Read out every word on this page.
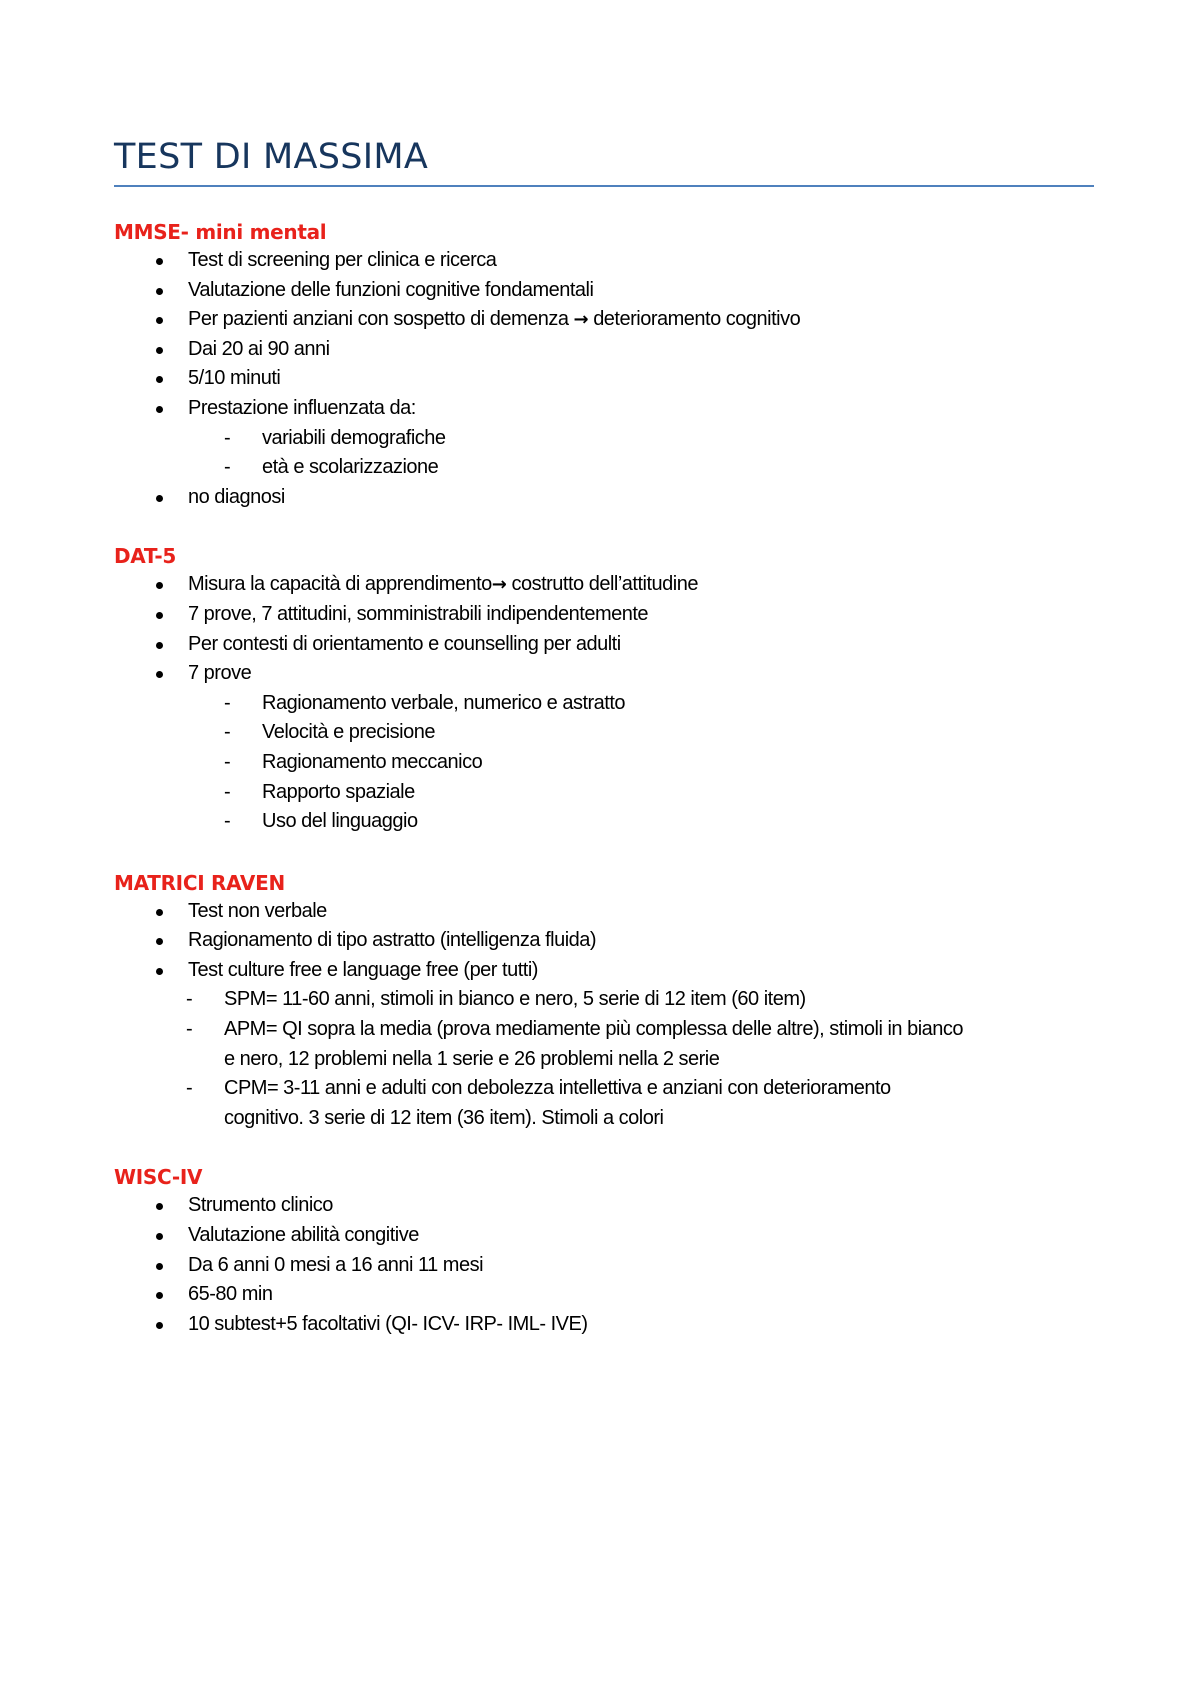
TEST DI MASSIMA
MMSE- mini mental
Test di screening per clinica e ricerca
Valutazione delle funzioni cognitive fondamentali
Per pazienti anziani con sospetto di demenza → deterioramento cognitivo
Dai 20 ai 90 anni
5/10 minuti
Prestazione influenzata da:
- variabili demografiche
- età e scolarizzazione
no diagnosi
DAT-5
Misura la capacità di apprendimento→ costrutto dell’attitudine
7 prove, 7 attitudini, somministrabili indipendentemente
Per contesti di orientamento e counselling per adulti
7 prove
- Ragionamento verbale, numerico e astratto
- Velocità e precisione
- Ragionamento meccanico
- Rapporto spaziale
- Uso del linguaggio
MATRICI RAVEN
Test non verbale
Ragionamento di tipo astratto (intelligenza fluida)
Test culture free e language free (per tutti)
- SPM= 11-60 anni, stimoli in bianco e nero, 5 serie di 12 item (60 item)
- APM= QI sopra la media (prova mediamente più complessa delle altre), stimoli in bianco
e nero, 12 problemi nella 1 serie e 26 problemi nella 2 serie
- CPM= 3-11 anni e adulti con debolezza intellettiva e anziani con deterioramento
cognitivo. 3 serie di 12 item (36 item). Stimoli a colori
WISC-IV
Strumento clinico
Valutazione abilità congitive
Da 6 anni 0 mesi a 16 anni 11 mesi
65-80 min
10 subtest+5 facoltativi (QI- ICV- IRP- IML- IVE)
